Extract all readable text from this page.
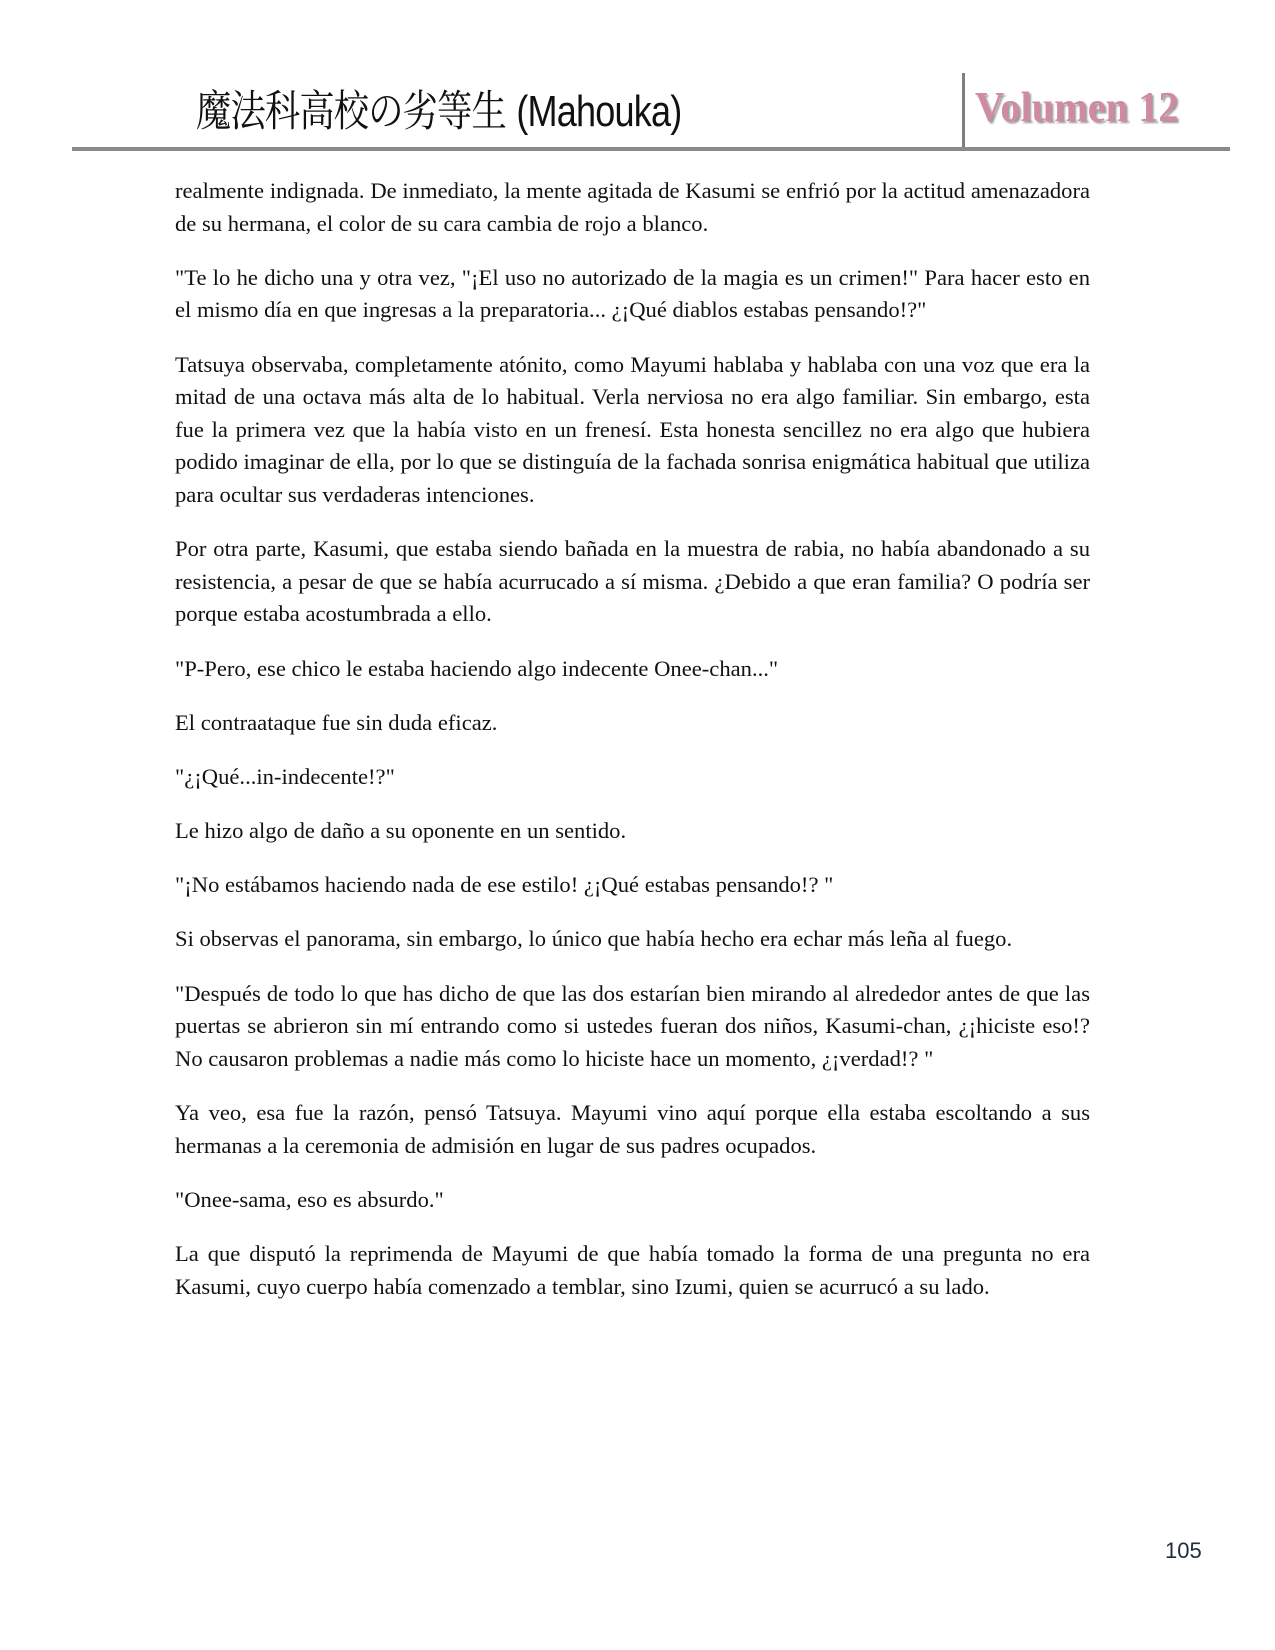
魔法科高校の劣等生 (Mahouka)	Volumen 12

realmente indignada. De inmediato, la mente agitada de Kasumi se enfrió por la actitud amenazadora de su hermana, el color de su cara cambia de rojo a blanco.

"Te lo he dicho una y otra vez, "¡El uso no autorizado de la magia es un crimen!" Para hacer esto en el mismo día en que ingresas a la preparatoria... ¿¡Qué diablos estabas pensando!?"

Tatsuya observaba, completamente atónito, como Mayumi hablaba y hablaba con una voz que era la mitad de una octava más alta de lo habitual. Verla nerviosa no era algo familiar. Sin embargo, esta fue la primera vez que la había visto en un frenesí. Esta honesta sencillez no era algo que hubiera podido imaginar de ella, por lo que se distinguía de la fachada sonrisa enigmática habitual que utiliza para ocultar sus verdaderas intenciones.

Por otra parte, Kasumi, que estaba siendo bañada en la muestra de rabia, no había abandonado a su resistencia, a pesar de que se había acurrucado a sí misma. ¿Debido a que eran familia? O podría ser porque estaba acostumbrada a ello.

"P-Pero, ese chico le estaba haciendo algo indecente Onee-chan..."

El contraataque fue sin duda eficaz.

"¿¡Qué...in-indecente!?"

Le hizo algo de daño a su oponente en un sentido.

"¡No estábamos haciendo nada de ese estilo! ¿¡Qué estabas pensando!? "

Si observas el panorama, sin embargo, lo único que había hecho era echar más leña al fuego.

"Después de todo lo que has dicho de que las dos estarían bien mirando al alrededor antes de que las puertas se abrieron sin mí entrando como si ustedes fueran dos niños, Kasumi-chan, ¿¡hiciste eso!? No causaron problemas a nadie más como lo hiciste hace un momento, ¿¡verdad!? "

Ya veo, esa fue la razón, pensó Tatsuya. Mayumi vino aquí porque ella estaba escoltando a sus hermanas a la ceremonia de admisión en lugar de sus padres ocupados.

"Onee-sama, eso es absurdo."

La que disputó la reprimenda de Mayumi de que había tomado la forma de una pregunta no era Kasumi, cuyo cuerpo había comenzado a temblar, sino Izumi, quien se acurrucó a su lado.

105
